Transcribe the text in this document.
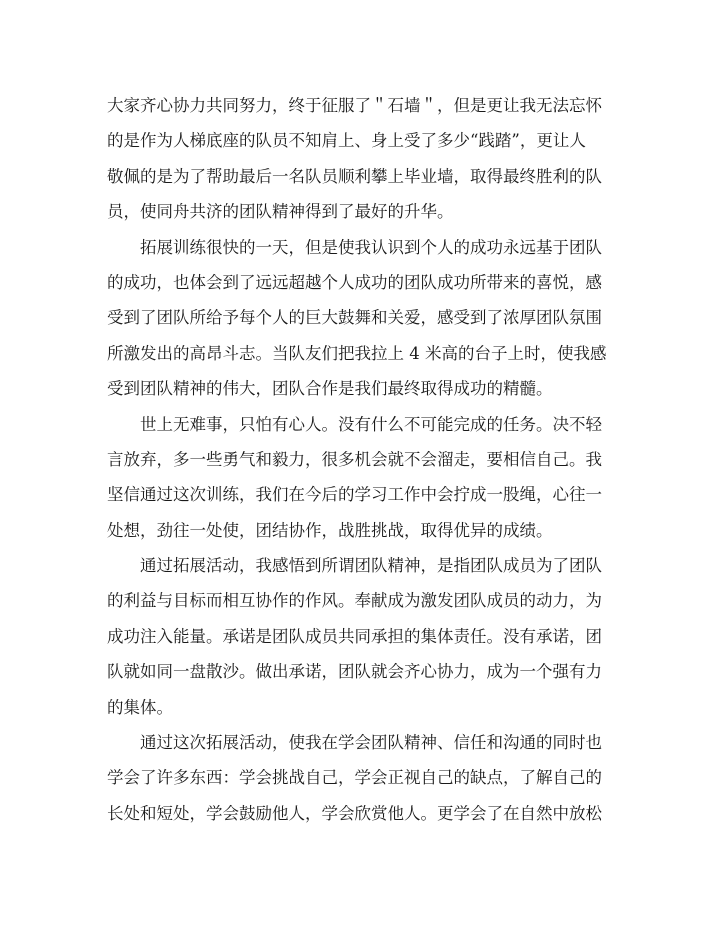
大家齐心协力共同努力，终于征服了＂石墙＂，但是更让我无法忘怀
的是作为人梯底座的队员不知肩上、身上受了多少“践踏”，更让人
敬佩的是为了帮助最后一名队员顺利攀上毕业墙，取得最终胜利的队
员，使同舟共济的团队精神得到了最好的升华。
　　拓展训练很快的一天，但是使我认识到个人的成功永远基于团队
的成功，也体会到了远远超越个人成功的团队成功所带来的喜悦，感
受到了团队所给予每个人的巨大鼓舞和关爱，感受到了浓厚团队氛围
所激发出的高昂斗志。当队友们把我拉上 4 米高的台子上时，使我感
受到团队精神的伟大，团队合作是我们最终取得成功的精髓。
　　世上无难事，只怕有心人。没有什么不可能完成的任务。决不轻
言放弃，多一些勇气和毅力，很多机会就不会溜走，要相信自己。我
坚信通过这次训练，我们在今后的学习工作中会拧成一股绳，心往一
处想，劲往一处使，团结协作，战胜挑战，取得优异的成绩。
　　通过拓展活动，我感悟到所谓团队精神，是指团队成员为了团队
的利益与目标而相互协作的作风。奉献成为激发团队成员的动力，为
成功注入能量。承诺是团队成员共同承担的集体责任。没有承诺，团
队就如同一盘散沙。做出承诺，团队就会齐心协力，成为一个强有力
的集体。
　　通过这次拓展活动，使我在学会团队精神、信任和沟通的同时也
学会了许多东西：学会挑战自己，学会正视自己的缺点，了解自己的
长处和短处，学会鼓励他人，学会欣赏他人。更学会了在自然中放松
